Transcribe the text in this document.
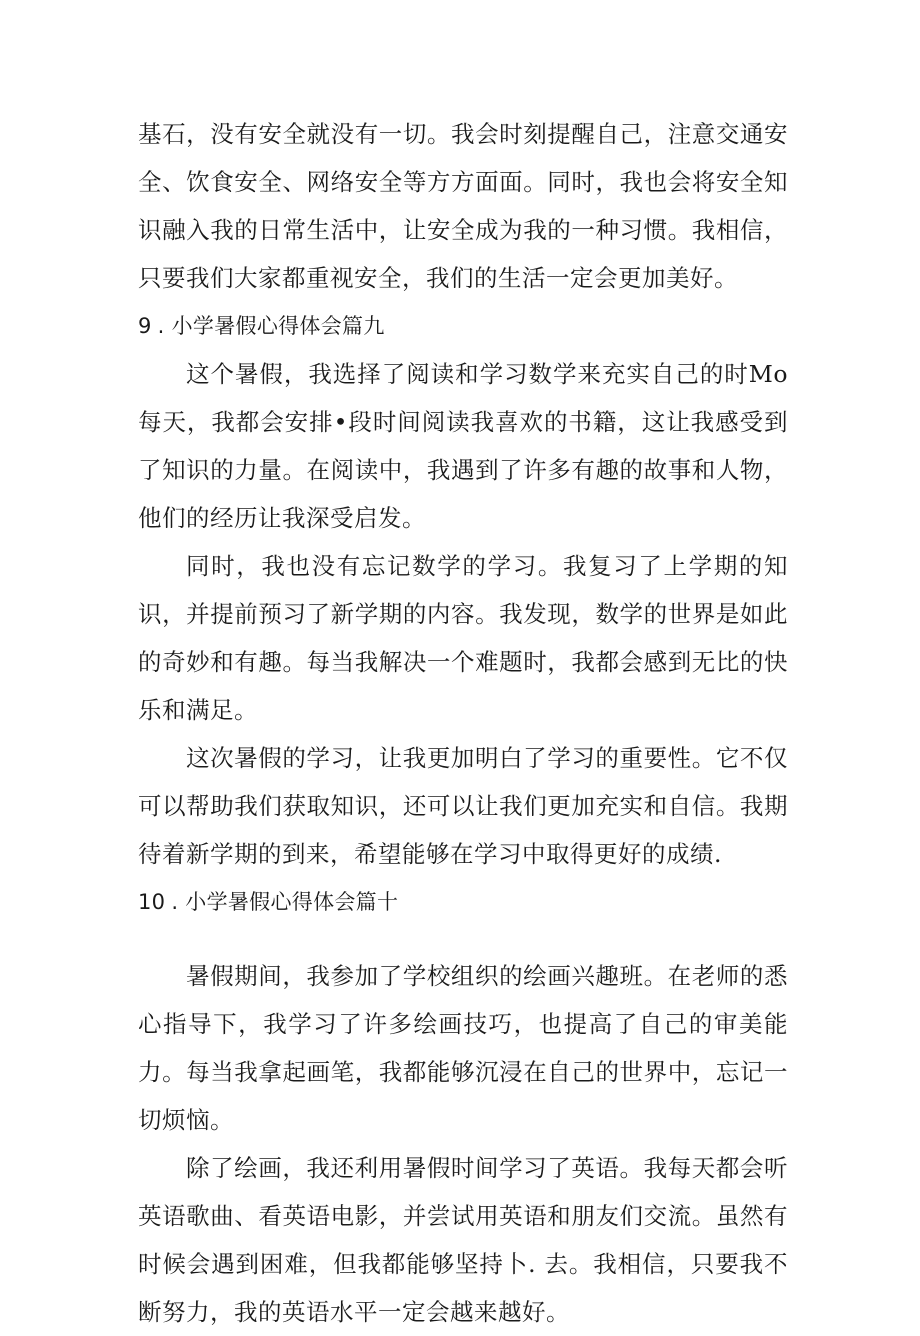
基石，没有安全就没有一切。我会时刻提醒自己，注意交通安全、饮食安全、网络安全等方方面面。同时，我也会将安全知识融入我的日常生活中，让安全成为我的一种习惯。我相信，只要我们大家都重视安全，我们的生活一定会更加美好。

9 . 小学暑假心得体会篇九

这个暑假，我选择了阅读和学习数学来充实自己的时Mo每天，我都会安排•段时间阅读我喜欢的书籍，这让我感受到了知识的力量。在阅读中，我遇到了许多有趣的故事和人物，他们的经历让我深受启发。

同时，我也没有忘记数学的学习。我复习了上学期的知识，并提前预习了新学期的内容。我发现，数学的世界是如此的奇妙和有趣。每当我解决一个难题时，我都会感到无比的快乐和满足。

这次暑假的学习，让我更加明白了学习的重要性。它不仅可以帮助我们获取知识，还可以让我们更加充实和自信。我期待着新学期的到来，希望能够在学习中取得更好的成绩.

10 . 小学暑假心得体会篇十

暑假期间，我参加了学校组织的绘画兴趣班。在老师的悉心指导下，我学习了许多绘画技巧，也提高了自己的审美能力。每当我拿起画笔，我都能够沉浸在自己的世界中，忘记一切烦恼。

除了绘画，我还利用暑假时间学习了英语。我每天都会听英语歌曲、看英语电影，并尝试用英语和朋友们交流。虽然有时候会遇到困难，但我都能够坚持卜. 去。我相信，只要我不断努力，我的英语水平一定会越来越好。
